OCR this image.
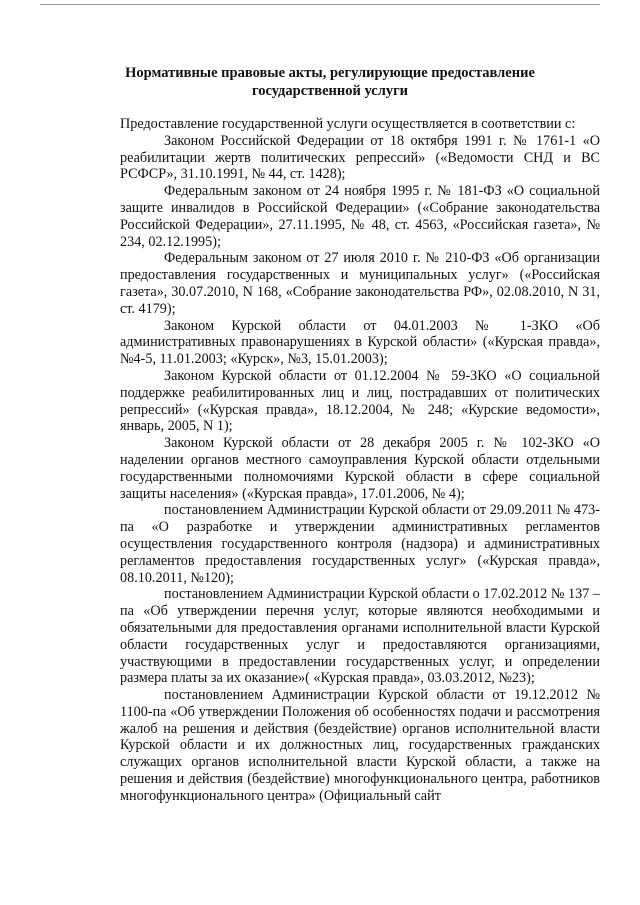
Нормативные правовые акты, регулирующие предоставление
государственной услуги

Предоставление государственной услуги осуществляется в соответствии с:

Законом Российской Федерации от 18 октября 1991 г. № 1761-1 «О реабилитации жертв политических репрессий» («Ведомости СНД и ВС РСФСР», 31.10.1991, № 44, ст. 1428);

Федеральным законом от 24 ноября 1995 г. № 181-ФЗ «О социальной защите инвалидов в Российской Федерации» («Собрание законодательства Российской Федерации», 27.11.1995, № 48, ст. 4563, «Российская газета», № 234, 02.12.1995);

Федеральным законом от 27 июля 2010 г. № 210-ФЗ «Об организации предоставления государственных и муниципальных услуг» («Российская газета», 30.07.2010, N 168, «Собрание законодательства РФ», 02.08.2010, N 31, ст. 4179);

Законом Курской области от 04.01.2003 № 1-ЗКО «Об административных правонарушениях в Курской области» («Курская правда», №4-5, 11.01.2003; «Курск», №3, 15.01.2003);

Законом Курской области от 01.12.2004 № 59-ЗКО «О социальной поддержке реабилитированных лиц и лиц, пострадавших от политических репрессий» («Курская правда», 18.12.2004, № 248; «Курские ведомости», январь, 2005, N 1);

Законом Курской области от 28 декабря 2005 г. № 102-ЗКО «О наделении органов местного самоуправления Курской области отдельными государственными полномочиями Курской области в сфере социальной защиты населения» («Курская правда», 17.01.2006, № 4);

постановлением Администрации Курской области от 29.09.2011 № 473-па «О разработке и утверждении административных регламентов осуществления государственного контроля (надзора) и административных регламентов предоставления государственных услуг» («Курская правда», 08.10.2011, №120);

постановлением Администрации Курской области о 17.02.2012 № 137 – па «Об утверждении перечня услуг, которые являются необходимыми и обязательными для предоставления органами исполнительной власти Курской области государственных услуг и предоставляются организациями, участвующими в предоставлении государственных услуг, и определении размера платы за их оказание»( «Курская правда», 03.03.2012, №23);

постановлением Администрации Курской области от 19.12.2012 № 1100-па «Об утверждении Положения об особенностях подачи и рассмотрения жалоб на решения и действия (бездействие) органов исполнительной власти Курской области и их должностных лиц, государственных гражданских служащих органов исполнительной власти Курской области, а также на решения и действия (бездействие) многофункционального центра, работников многофункционального центра» (Официальный сайт
